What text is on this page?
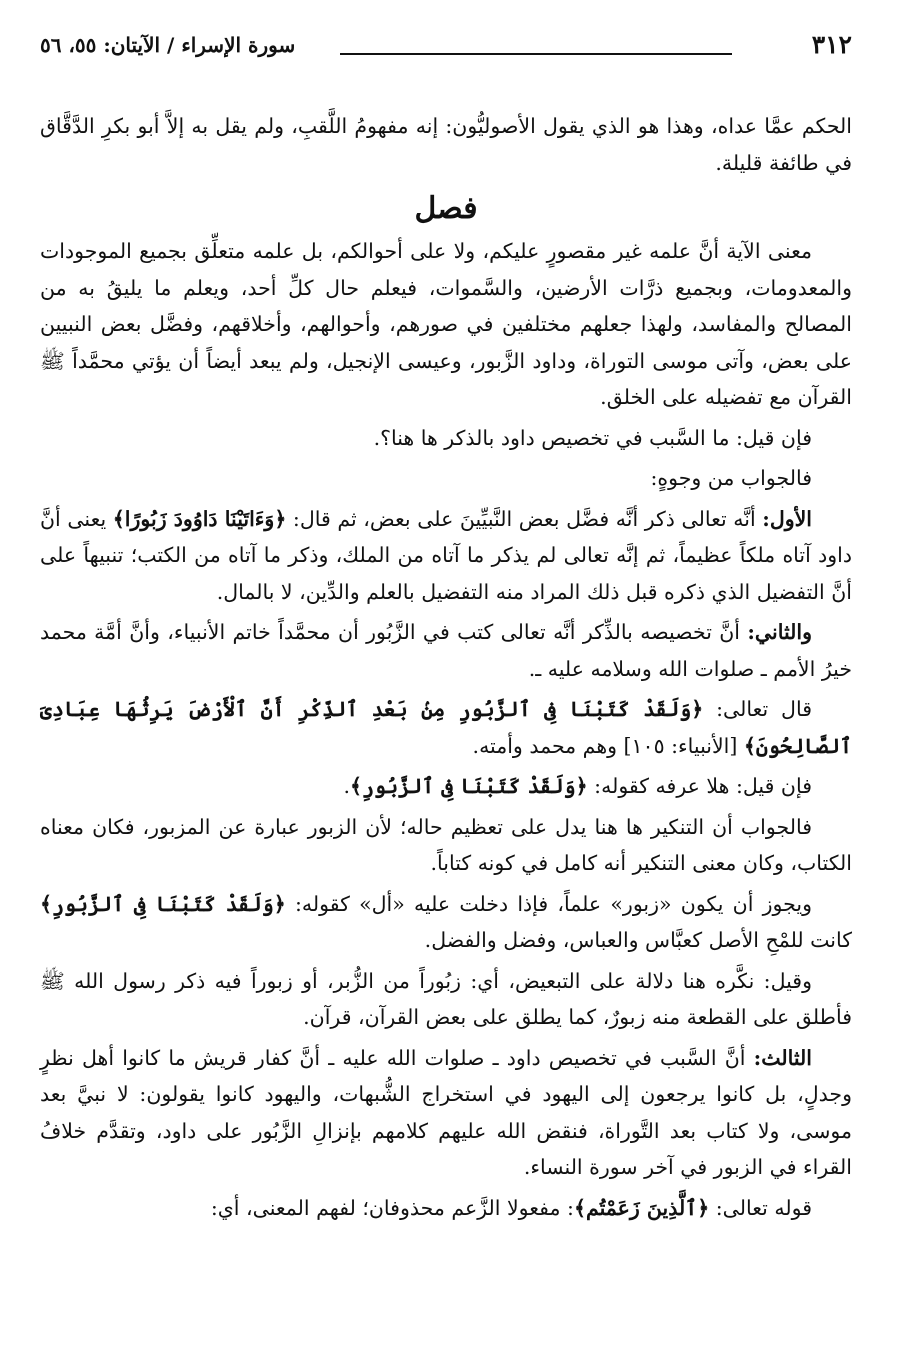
٣١٢
سورة الإسراء / الآيتان: ٥٥، ٥٦

الحكم عمَّا عداه، وهذا هو الذي يقول الأصوليُّون: إنه مفهومُ اللَّقبِ، ولم يقل به إلاَّ أبو بكرِ الدَّقَّاق في طائفة قليلة.

فصل

معنى الآية أنَّ علمه غير مقصورٍ عليكم، ولا على أحوالكم، بل علمه متعلِّق بجميع الموجودات والمعدومات، وبجميع ذرَّات الأرضين، والسَّموات، فيعلم حال كلِّ أحد، ويعلم ما يليقُ به من المصالح والمفاسد، ولهذا جعلهم مختلفين في صورهم، وأحوالهم، وأخلاقهم، وفضَّل بعض النبيين على بعض، وآتى موسى التوراة، وداود الزَّبور، وعيسى الإنجيل، ولم يبعد أيضاً أن يؤتي محمَّداً ﷺ القرآن مع تفضيله على الخلق.

فإن قيل: ما السَّبب في تخصيص داود بالذكر ها هنا؟.

فالجواب من وجوهٍ:

الأول: أنَّه تعالى ذكر أنَّه فضَّل بعض النَّبيِّينَ على بعض، ثم قال: ﴿وَءَاتَيْنَا دَاوُودَ زَبُورًا﴾ يعنى أنَّ داود آتاه ملكاً عظيماً، ثم إنَّه تعالى لم يذكر ما آتاه من الملك، وذكر ما آتاه من الكتب؛ تنبيهاً على أنَّ التفضيل الذي ذكره قبل ذلك المراد منه التفضيل بالعلم والدِّين، لا بالمال.

والثاني: أنَّ تخصيصه بالذِّكر أنَّه تعالى كتب في الزَّبُور أن محمَّداً خاتم الأنبياء، وأنَّ أمَّة محمد خيرُ الأمم ـ صلوات الله وسلامه عليه ـ.

قال تعالى: ﴿وَلَقَدْ كَتَبْنَا فِى ٱلزَّبُورِ مِنۢ بَعْدِ ٱلذِّكْرِ أَنَّ ٱلْأَرْضَ يَرِثُهَا عِبَادِىَ ٱلصَّالِحُونَ﴾ [الأنبياء: ١٠٥] وهم محمد وأمته.

فإن قيل: هلا عرفه كقوله: ﴿وَلَقَدْ كَتَبْنَا فِى ٱلزَّبُورِ﴾.

فالجواب أن التنكير ها هنا يدل على تعظيم حاله؛ لأن الزبور عبارة عن المزبور، فكان معناه الكتاب، وكان معنى التنكير أنه كامل في كونه كتاباً.

ويجوز أن يكون «زبور» علماً، فإذا دخلت عليه «أل» كقوله: ﴿وَلَقَدْ كَتَبْنَا فِى ٱلزَّبُورِ﴾ كانت للمْحِ الأصل كعبَّاس والعباس، وفضل والفضل.

وقيل: نكَّره هنا دلالة على التبعيض، أي: زبُوراً من الزُّبر، أو زبوراً فيه ذكر رسول الله ﷺ فأطلق على القطعة منه زبورٌ، كما يطلق على بعض القرآن، قرآن.

الثالث: أنَّ السَّبب في تخصيص داود ـ صلوات الله عليه ـ أنَّ كفار قريش ما كانوا أهل نظرٍ وجدلٍ، بل كانوا يرجعون إلى اليهود في استخراج الشُّبهات، واليهود كانوا يقولون: لا نبيَّ بعد موسى، ولا كتاب بعد التَّوراة، فنقض الله عليهم كلامهم بإنزالِ الزَّبُور على داود، وتقدَّم خلافُ القراء في الزبور في آخر سورة النساء.

قوله تعالى: ﴿ٱلَّذِينَ زَعَمْتُم﴾: مفعولا الزَّعم محذوفان؛ لفهم المعنى، أي:
